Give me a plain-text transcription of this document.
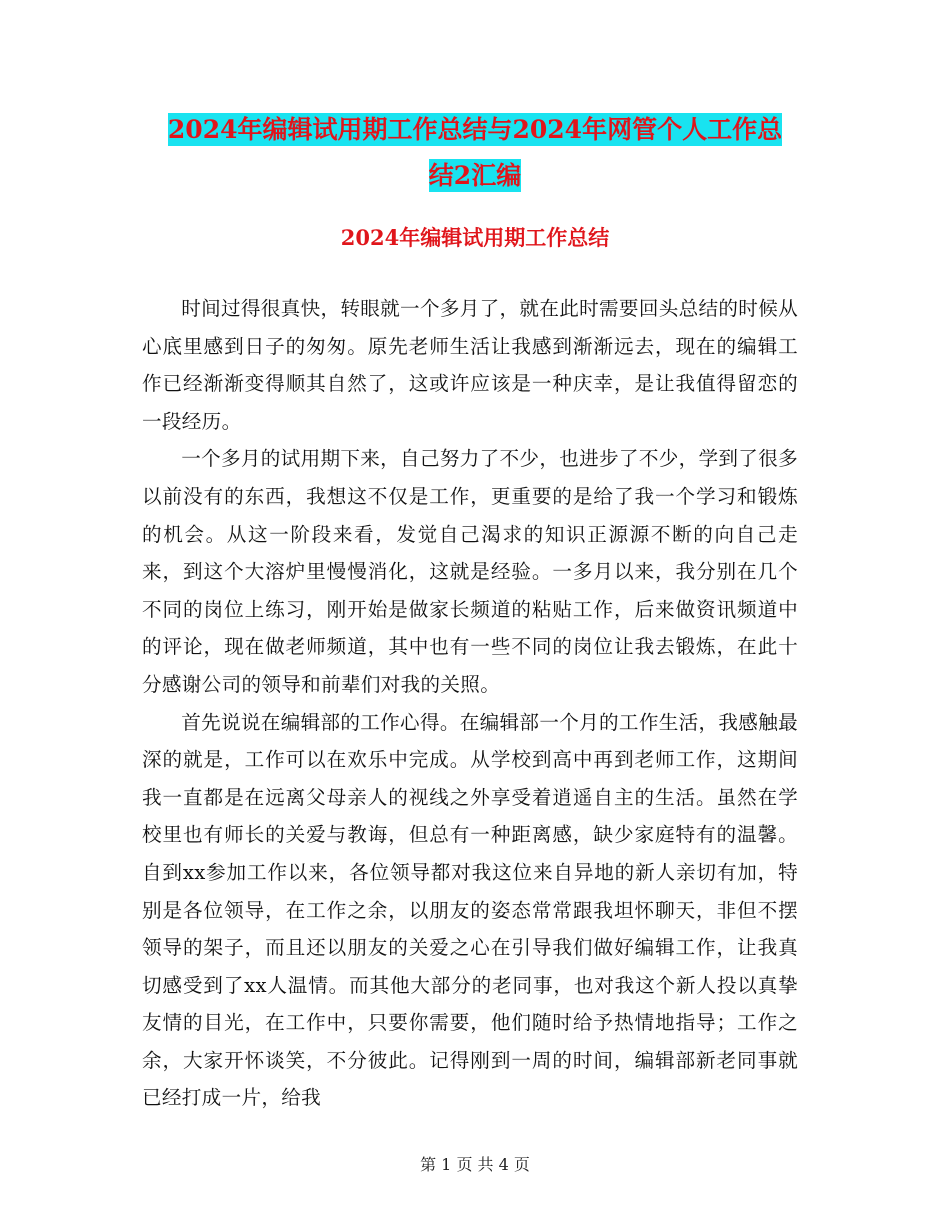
2024年编辑试用期工作总结与2024年网管个人工作总
结2汇编
2024年编辑试用期工作总结

时间过得很真快，转眼就一个多月了，就在此时需要回头总结的时候从心底里感到日子的匆匆。原先老师生活让我感到渐渐远去，现在的编辑工作已经渐渐变得顺其自然了，这或许应该是一种庆幸，是让我值得留恋的一段经历。

一个多月的试用期下来，自己努力了不少，也进步了不少，学到了很多以前没有的东西，我想这不仅是工作，更重要的是给了我一个学习和锻炼的机会。从这一阶段来看，发觉自己渴求的知识正源源不断的向自己走来，到这个大溶炉里慢慢消化，这就是经验。一多月以来，我分别在几个不同的岗位上练习，刚开始是做家长频道的粘贴工作，后来做资讯频道中的评论，现在做老师频道，其中也有一些不同的岗位让我去锻炼，在此十分感谢公司的领导和前辈们对我的关照。

首先说说在编辑部的工作心得。在编辑部一个月的工作生活，我感触最深的就是，工作可以在欢乐中完成。从学校到高中再到老师工作，这期间我一直都是在远离父母亲人的视线之外享受着逍遥自主的生活。虽然在学校里也有师长的关爱与教诲，但总有一种距离感，缺少家庭特有的温馨。自到xx参加工作以来，各位领导都对我这位来自异地的新人亲切有加，特别是各位领导，在工作之余，以朋友的姿态常常跟我坦怀聊天，非但不摆领导的架子，而且还以朋友的关爱之心在引导我们做好编辑工作，让我真切感受到了xx人温情。而其他大部分的老同事，也对我这个新人投以真挚友情的目光，在工作中，只要你需要，他们随时给予热情地指导；工作之余，大家开怀谈笑，不分彼此。记得刚到一周的时间，编辑部新老同事就已经打成一片，给我

第 1 页 共 4 页
